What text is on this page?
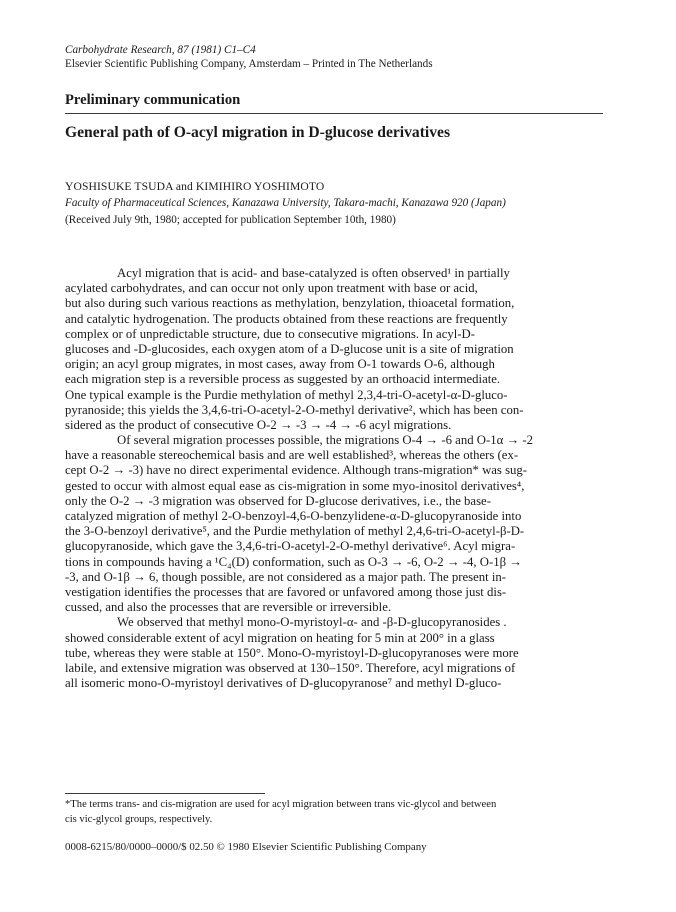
Carbohydrate Research, 87 (1981) C1–C4
Elsevier Scientific Publishing Company, Amsterdam – Printed in The Netherlands
Preliminary communication
General path of O-acyl migration in D-glucose derivatives
YOSHISUKE TSUDA and KIMIHIRO YOSHIMOTO
Faculty of Pharmaceutical Sciences, Kanazawa University, Takara-machi, Kanazawa 920 (Japan)
(Received July 9th, 1980; accepted for publication September 10th, 1980)
Acyl migration that is acid- and base-catalyzed is often observed¹ in partially
acylated carbohydrates, and can occur not only upon treatment with base or acid,
but also during such various reactions as methylation, benzylation, thioacetal formation,
and catalytic hydrogenation. The products obtained from these reactions are frequently
complex or of unpredictable structure, due to consecutive migrations. In acyl-D-
glucoses and -D-glucosides, each oxygen atom of a D-glucose unit is a site of migration
origin; an acyl group migrates, in most cases, away from O-1 towards O-6, although
each migration step is a reversible process as suggested by an orthoacid intermediate.
One typical example is the Purdie methylation of methyl 2,3,4-tri-O-acetyl-α-D-gluco-
pyranoside; this yields the 3,4,6-tri-O-acetyl-2-O-methyl derivative², which has been con-
sidered as the product of consecutive O-2 → -3 → -4 → -6 acyl migrations.
Of several migration processes possible, the migrations O-4 → -6 and O-1α → -2
have a reasonable stereochemical basis and are well established³, whereas the others (ex-
cept O-2 → -3) have no direct experimental evidence. Although trans-migration* was sug-
gested to occur with almost equal ease as cis-migration in some myo-inositol derivatives⁴,
only the O-2 → -3 migration was observed for D-glucose derivatives, i.e., the base-
catalyzed migration of methyl 2-O-benzoyl-4,6-O-benzylidene-α-D-glucopyranoside into
the 3-O-benzoyl derivative⁵, and the Purdie methylation of methyl 2,4,6-tri-O-acetyl-β-D-
glucopyranoside, which gave the 3,4,6-tri-O-acetyl-2-O-methyl derivative⁶. Acyl migra-
tions in compounds having a ¹C₄(D) conformation, such as O-3 → -6, O-2 → -4, O-1β →
-3, and O-1β → 6, though possible, are not considered as a major path. The present in-
vestigation identifies the processes that are favored or unfavored among those just dis-
cussed, and also the processes that are reversible or irreversible.
We observed that methyl mono-O-myristoyl-α- and -β-D-glucopyranosides .
showed considerable extent of acyl migration on heating for 5 min at 200° in a glass
tube, whereas they were stable at 150°. Mono-O-myristoyl-D-glucopyranoses were more
labile, and extensive migration was observed at 130–150°. Therefore, acyl migrations of
all isomeric mono-O-myristoyl derivatives of D-glucopyranose⁷ and methyl D-gluco-
*The terms trans- and cis-migration are used for acyl migration between trans vic-glycol and between
cis vic-glycol groups, respectively.
0008-6215/80/0000–0000/$ 02.50 © 1980 Elsevier Scientific Publishing Company
